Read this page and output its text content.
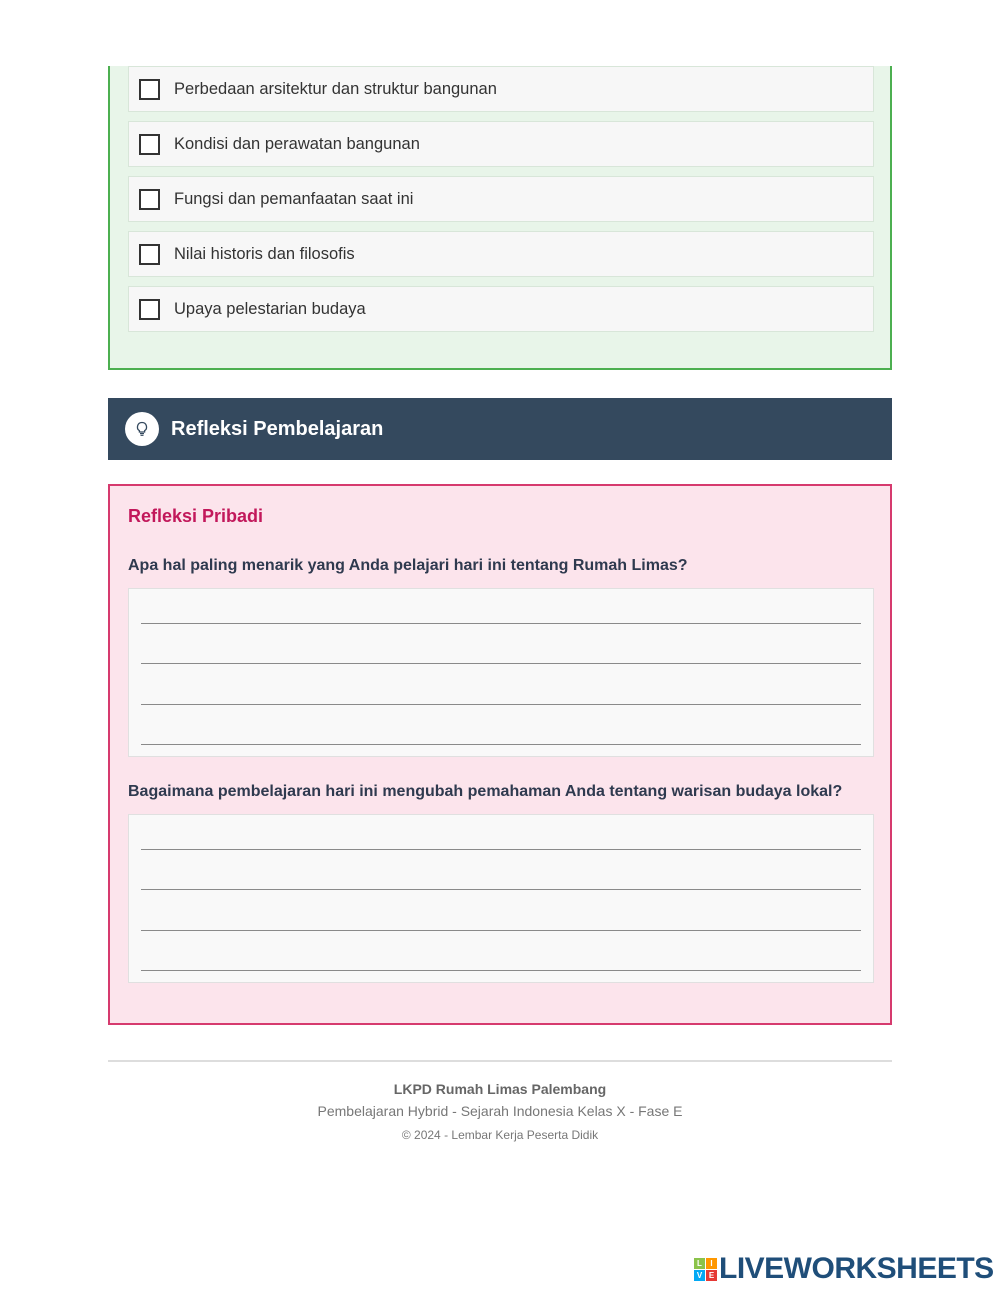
Perbedaan arsitektur dan struktur bangunan
Kondisi dan perawatan bangunan
Fungsi dan pemanfaatan saat ini
Nilai historis dan filosofis
Upaya pelestarian budaya
Refleksi Pembelajaran
Refleksi Pribadi

Apa hal paling menarik yang Anda pelajari hari ini tentang Rumah Limas?

Bagaimana pembelajaran hari ini mengubah pemahaman Anda tentang warisan budaya lokal?

LKPD Rumah Limas Palembang
Pembelajaran Hybrid - Sejarah Indonesia Kelas X - Fase E
© 2024 - Lembar Kerja Peserta Didik
L	I
V E LIVEWORKSHEETS
